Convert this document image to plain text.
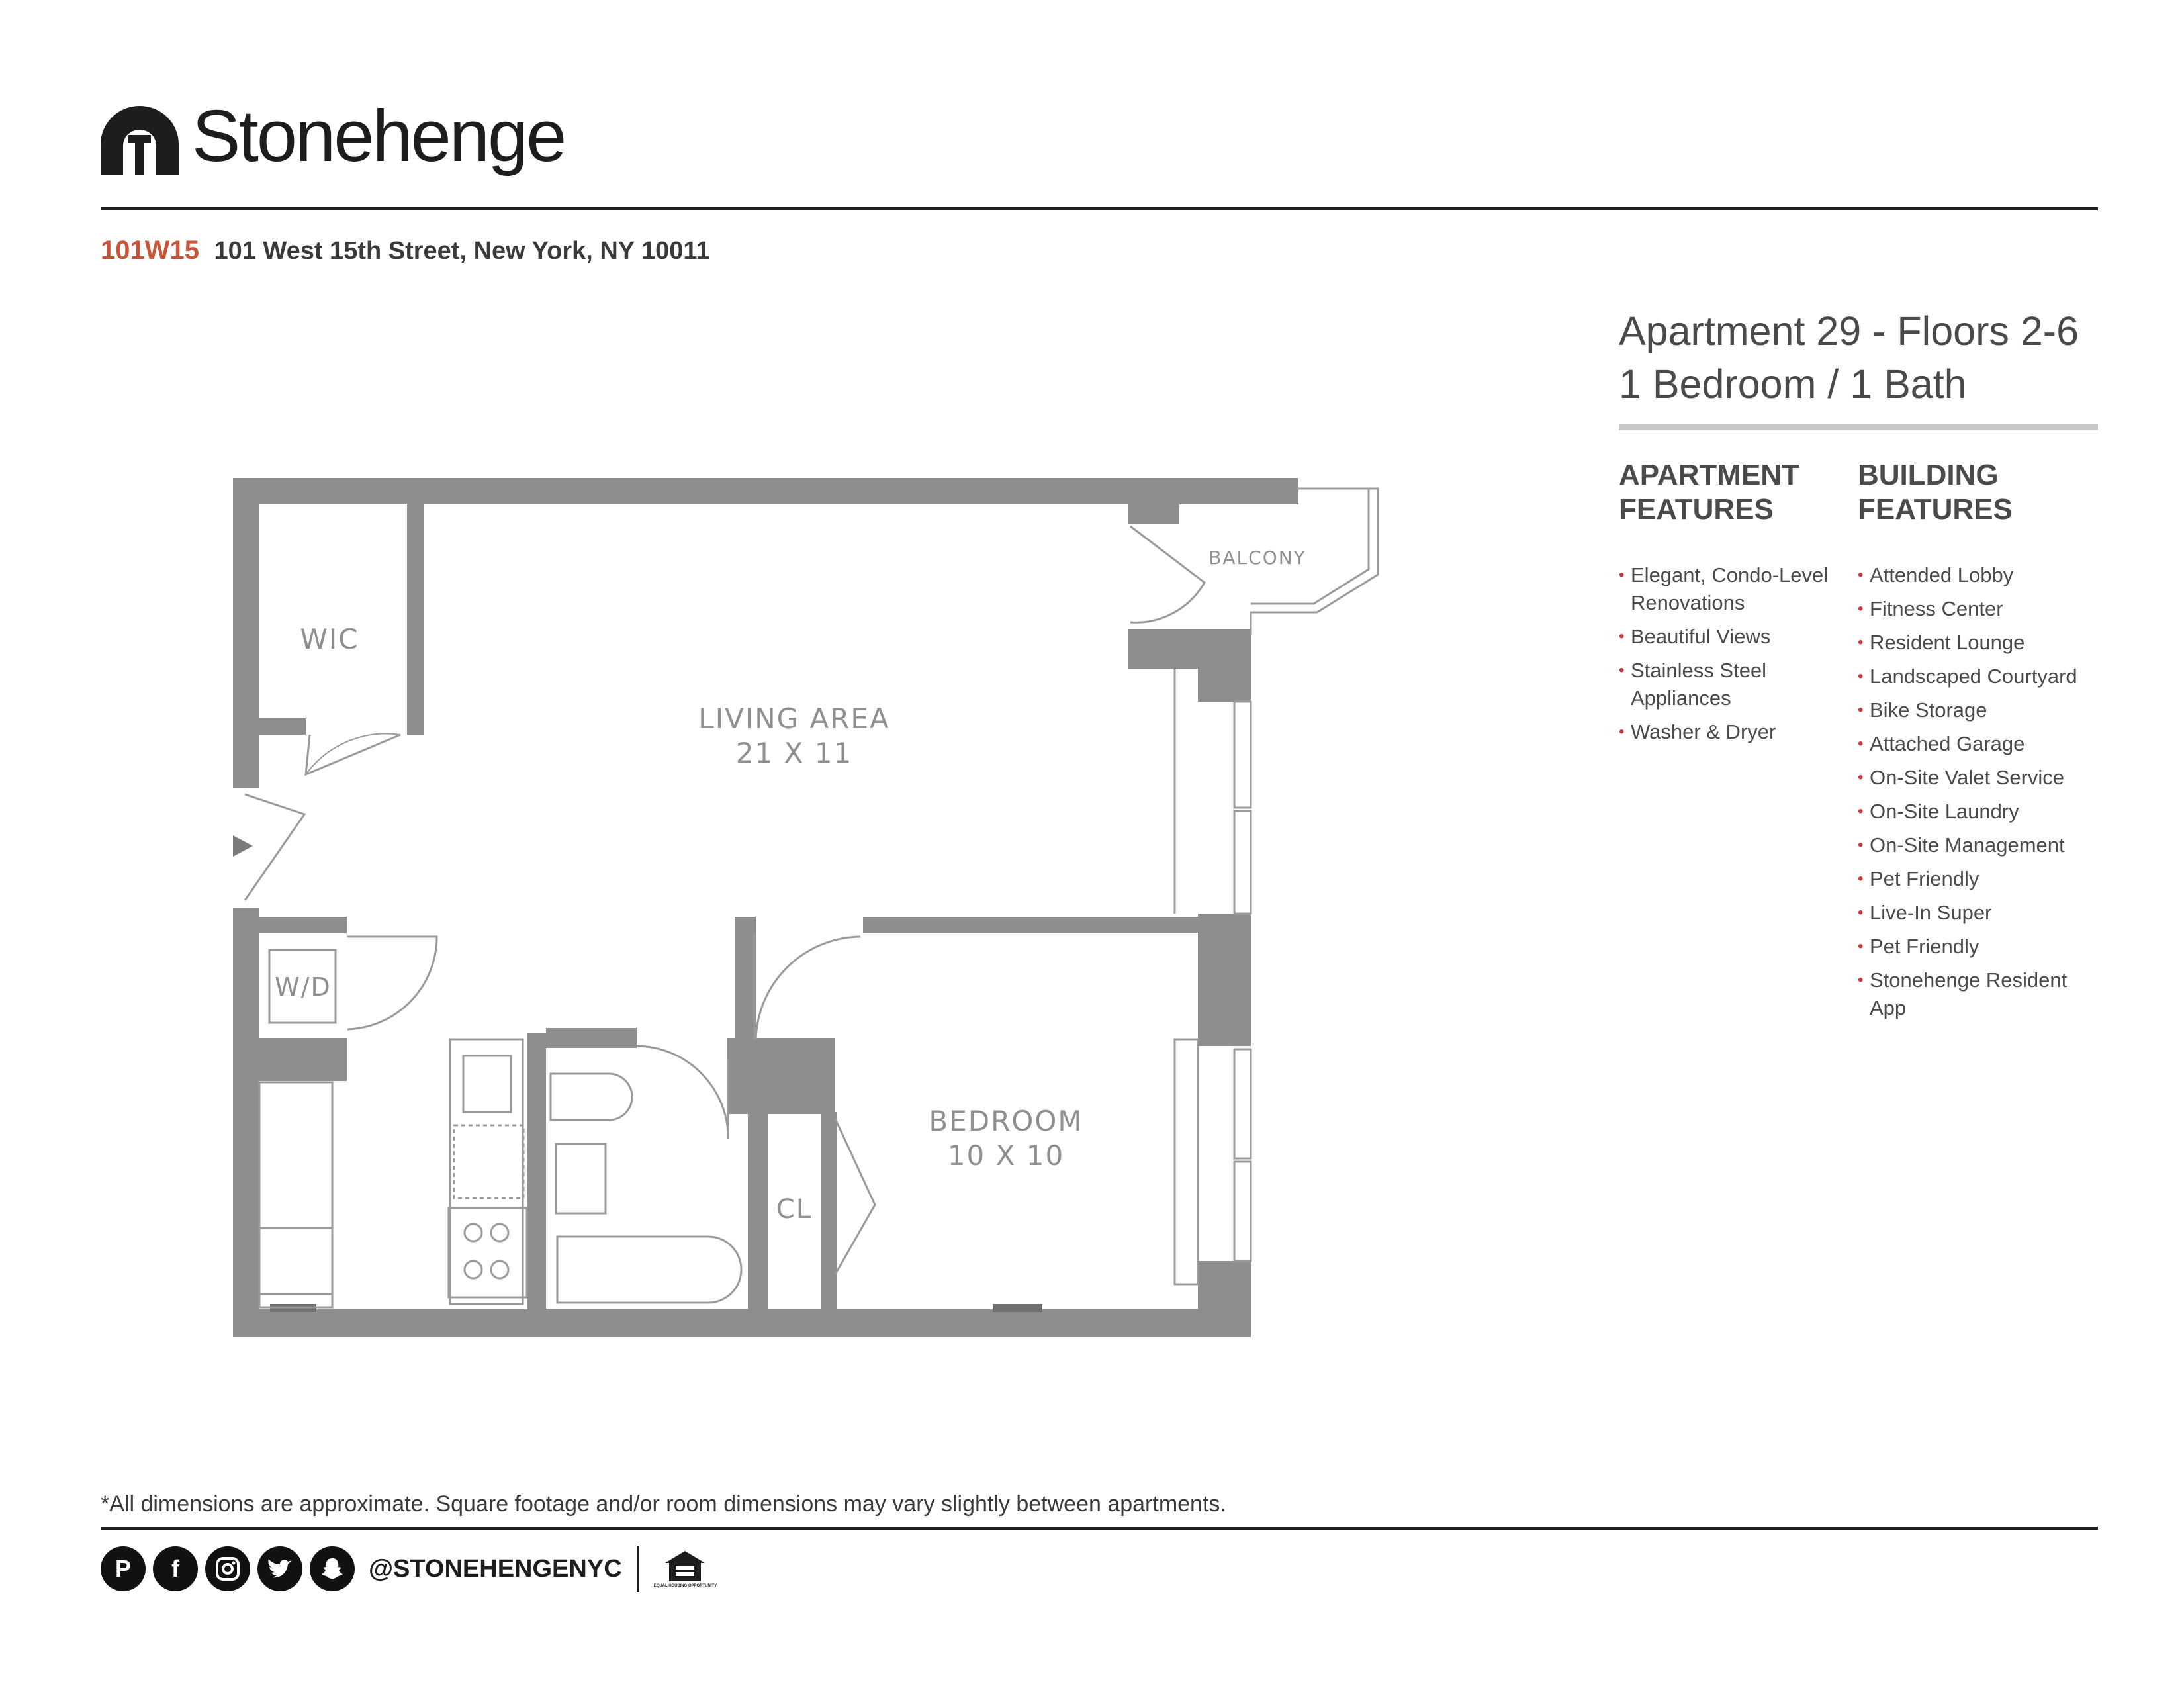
Stonehenge
101W15 101 West 15th Street, New York, NY 10011
Apartment 29 - Floors 2-6
1 Bedroom / 1 Bath
APARTMENT
FEATURES
• Elegant, Condo-Level Renovations
• Beautiful Views
• Stainless Steel Appliances
• Washer & Dryer
BUILDING
FEATURES
• Attended Lobby
• Fitness Center
• Resident Lounge
• Landscaped Courtyard
• Bike Storage
• Attached Garage
• On-Site Valet Service
• On-Site Laundry
• On-Site Management
• Pet Friendly
• Live-In Super
• Pet Friendly
• Stonehenge Resident App
WIC
LIVING AREA
21 X 11
BALCONY
W/D
BEDROOM
10 X 10
CL
*All dimensions are approximate. Square footage and/or room dimensions may vary slightly between apartments.
P	f	@STONEHENGENYC
EQUAL HOUSING OPPORTUNITY
